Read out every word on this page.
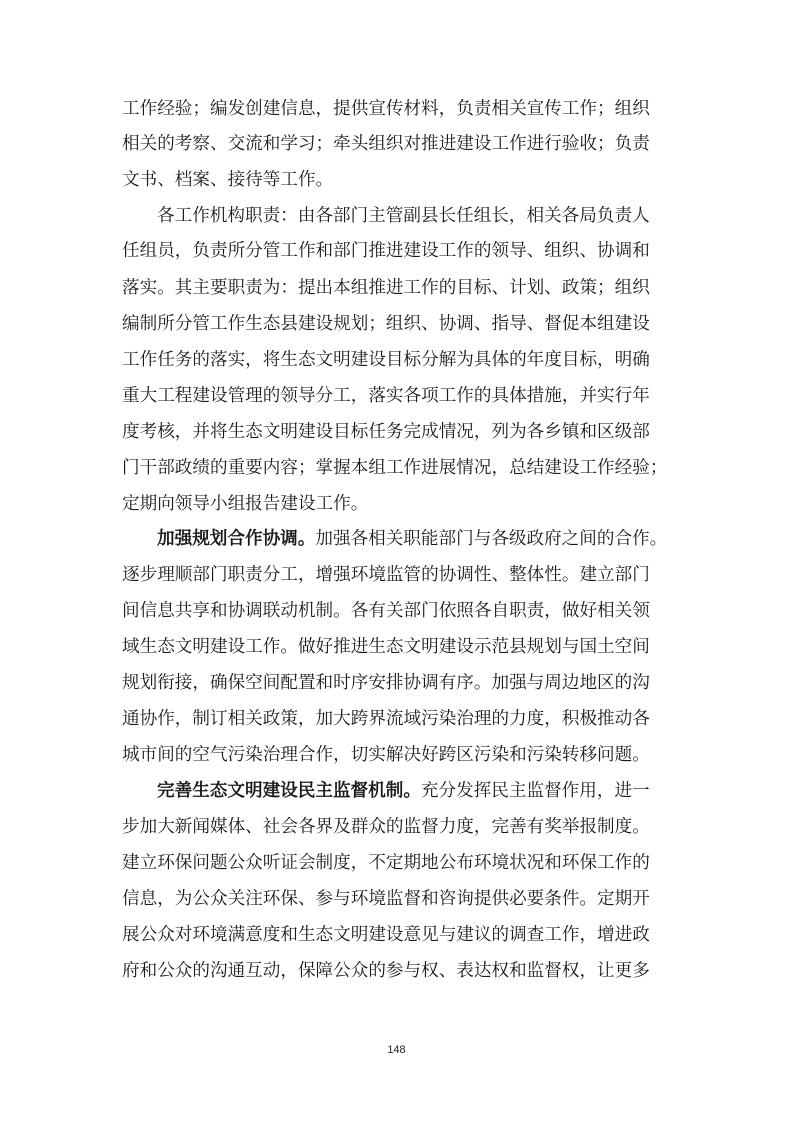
工作经验；编发创建信息，提供宣传材料，负责相关宣传工作；组织
相关的考察、交流和学习；牵头组织对推进建设工作进行验收；负责
文书、档案、接待等工作。
各工作机构职责：由各部门主管副县长任组长，相关各局负责人
任组员，负责所分管工作和部门推进建设工作的领导、组织、协调和
落实。其主要职责为：提出本组推进工作的目标、计划、政策；组织
编制所分管工作生态县建设规划；组织、协调、指导、督促本组建设
工作任务的落实，将生态文明建设目标分解为具体的年度目标，明确
重大工程建设管理的领导分工，落实各项工作的具体措施，并实行年
度考核，并将生态文明建设目标任务完成情况，列为各乡镇和区级部
门干部政绩的重要内容；掌握本组工作进展情况，总结建设工作经验；
定期向领导小组报告建设工作。
加强规划合作协调。加强各相关职能部门与各级政府之间的合作。
逐步理顺部门职责分工，增强环境监管的协调性、整体性。建立部门
间信息共享和协调联动机制。各有关部门依照各自职责，做好相关领
域生态文明建设工作。做好推进生态文明建设示范县规划与国土空间
规划衔接，确保空间配置和时序安排协调有序。加强与周边地区的沟
通协作，制订相关政策，加大跨界流域污染治理的力度，积极推动各
城市间的空气污染治理合作，切实解决好跨区污染和污染转移问题。
完善生态文明建设民主监督机制。充分发挥民主监督作用，进一
步加大新闻媒体、社会各界及群众的监督力度，完善有奖举报制度。
建立环保问题公众听证会制度，不定期地公布环境状况和环保工作的
信息，为公众关注环保、参与环境监督和咨询提供必要条件。定期开
展公众对环境满意度和生态文明建设意见与建议的调查工作，增进政
府和公众的沟通互动，保障公众的参与权、表达权和监督权，让更多
148
